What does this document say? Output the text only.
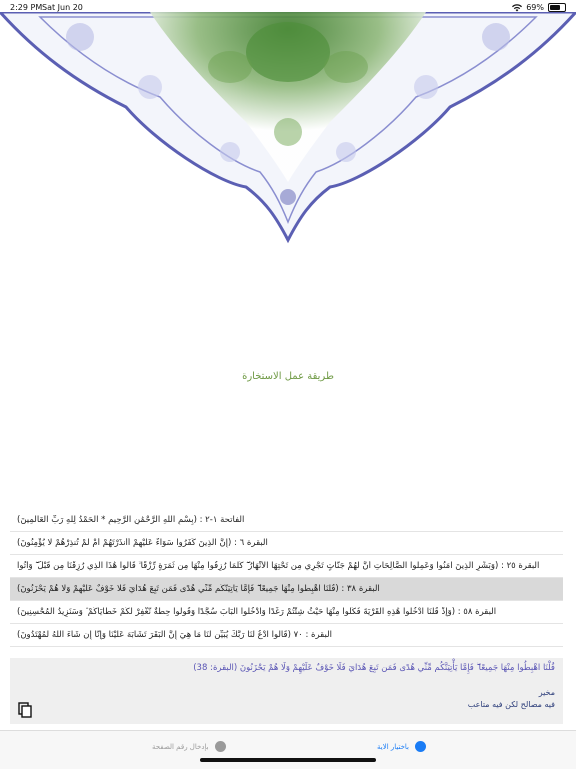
2:29 PM Sat Jun 20	69%
طريقة عمل الاستخارة
الفاتحة ١-٢ : (بِسْمِ اللَّهِ الرَّحْمَٰنِ الرَّحِيمِ * الْحَمْدُ لِلَّهِ رَبِّ الْعَالَمِينَ)
البقرة ٦ : (إِنَّ الَّذِينَ كَفَرُوا سَوَاءٌ عَلَيْهِمْ أَأَنذَرْتَهُمْ أَمْ لَمْ تُنذِرْهُمْ لَا يُؤْمِنُونَ)
البقرة ٢٥ : (وَبَشِّرِ الَّذِينَ آمَنُوا وَعَمِلُوا الصَّالِحَاتِ أَنَّ لَهُمْ جَنَّاتٍ تَجْرِي مِن تَحْتِهَا الْأَنْهَارُ ۖ كُلَّمَا رُزِقُوا مِنْهَا مِن ثَمَرَةٍ رِّزْقًا ۙ قَالُوا هَٰذَا الَّذِي رُزِقْنَا مِن قَبْلُ ۖ وَأُتُوا
البقرة ٣٨ : (قُلْنَا اهْبِطُوا مِنْهَا جَمِيعًا ۖ فَإِمَّا يَأْتِيَنَّكُم مِّنِّي هُدًى فَمَن تَبِعَ هُدَايَ فَلَا خَوْفٌ عَلَيْهِمْ وَلَا هُمْ يَحْزَنُونَ)
البقرة ٥٨ : (وَإِذْ قُلْنَا ادْخُلُوا هَٰذِهِ الْقَرْيَةَ فَكُلُوا مِنْهَا حَيْثُ شِئْتُمْ رَغَدًا وَادْخُلُوا الْبَابَ سُجَّدًا وَقُولُوا حِطَّةٌ نَّغْفِرْ لَكُمْ خَطَايَاكُمْ ۚ وَسَنَزِيدُ الْمُحْسِنِينَ)
البقرة : ٧٠ (قَالُوا ادْعُ لَنَا رَبَّكَ يُبَيِّن لَّنَا مَا هِيَ إِنَّ الْبَقَرَ تَشَابَهَ عَلَيْنَا وَإِنَّا إِن شَاءَ اللَّهُ لَمُهْتَدُونَ)
قُلْنَا اهْبِطُوا مِنْهَا جَمِيعًا ۖ فَإِمَّا يَأْتِيَنَّكُم مِّنِّي هُدًى فَمَن تَبِعَ هُدَايَ فَلَا خَوْفٌ عَلَيْهِمْ وَلَا هُمْ يَحْزَنُونَ (البقرة: 38)
مخير
فيه مصالح لكن فيه متاعب
باختيار الاية
بإدخال رقم الصفحة
